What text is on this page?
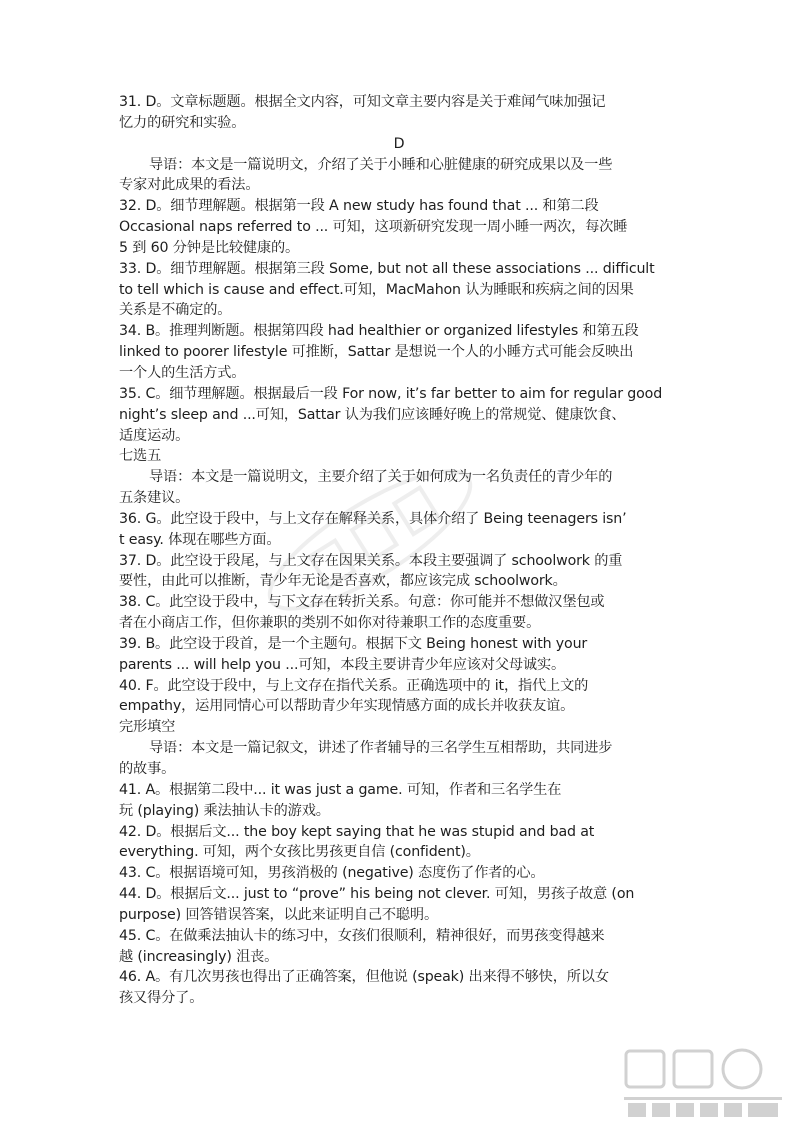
31. D。文章标题题。根据全文内容，可知文章主要内容是关于难闻气味加强记
忆力的研究和实验。
D
导语：本文是一篇说明文，介绍了关于小睡和心脏健康的研究成果以及一些
专家对此成果的看法。
32. D。细节理解题。根据第一段 A new study has found that ... 和第二段
Occasional naps referred to ... 可知，这项新研究发现一周小睡一两次，每次睡
5 到 60 分钟是比较健康的。
33. D。细节理解题。根据第三段 Some, but not all these associations ... difficult
to tell which is cause and effect.可知，MacMahon 认为睡眠和疾病之间的因果
关系是不确定的。
34. B。推理判断题。根据第四段 had healthier or organized lifestyles 和第五段
linked to poorer lifestyle 可推断，Sattar 是想说一个人的小睡方式可能会反映出
一个人的生活方式。
35. C。细节理解题。根据最后一段 For now, it’s far better to aim for regular good
night’s sleep and ...可知，Sattar 认为我们应该睡好晚上的常规觉、健康饮食、
适度运动。
七选五
导语：本文是一篇说明文，主要介绍了关于如何成为一名负责任的青少年的
五条建议。
36. G。此空设于段中，与上文存在解释关系，具体介绍了 Being teenagers isn’
t easy. 体现在哪些方面。
37. D。此空设于段尾，与上文存在因果关系。本段主要强调了 schoolwork 的重
要性，由此可以推断，青少年无论是否喜欢，都应该完成 schoolwork。
38. C。此空设于段中，与下文存在转折关系。句意：你可能并不想做汉堡包或
者在小商店工作，但你兼职的类别不如你对待兼职工作的态度重要。
39. B。此空设于段首，是一个主题句。根据下文 Being honest with your
parents ... will help you ...可知，本段主要讲青少年应该对父母诚实。
40. F。此空设于段中，与上文存在指代关系。正确选项中的 it，指代上文的
empathy，运用同情心可以帮助青少年实现情感方面的成长并收获友谊。
完形填空
导语：本文是一篇记叙文，讲述了作者辅导的三名学生互相帮助，共同进步
的故事。
41. A。根据第二段中... it was just a game. 可知，作者和三名学生在
玩 (playing) 乘法抽认卡的游戏。
42. D。根据后文... the boy kept saying that he was stupid and bad at
everything. 可知，两个女孩比男孩更自信 (confident)。
43. C。根据语境可知，男孩消极的 (negative) 态度伤了作者的心。
44. D。根据后文... just to “prove” his being not clever. 可知，男孩子故意 (on
purpose) 回答错误答案，以此来证明自己不聪明。
45. C。在做乘法抽认卡的练习中，女孩们很顺利，精神很好，而男孩变得越来
越 (increasingly) 沮丧。
46. A。有几次男孩也得出了正确答案，但他说 (speak) 出来得不够快，所以女
孩又得分了。
